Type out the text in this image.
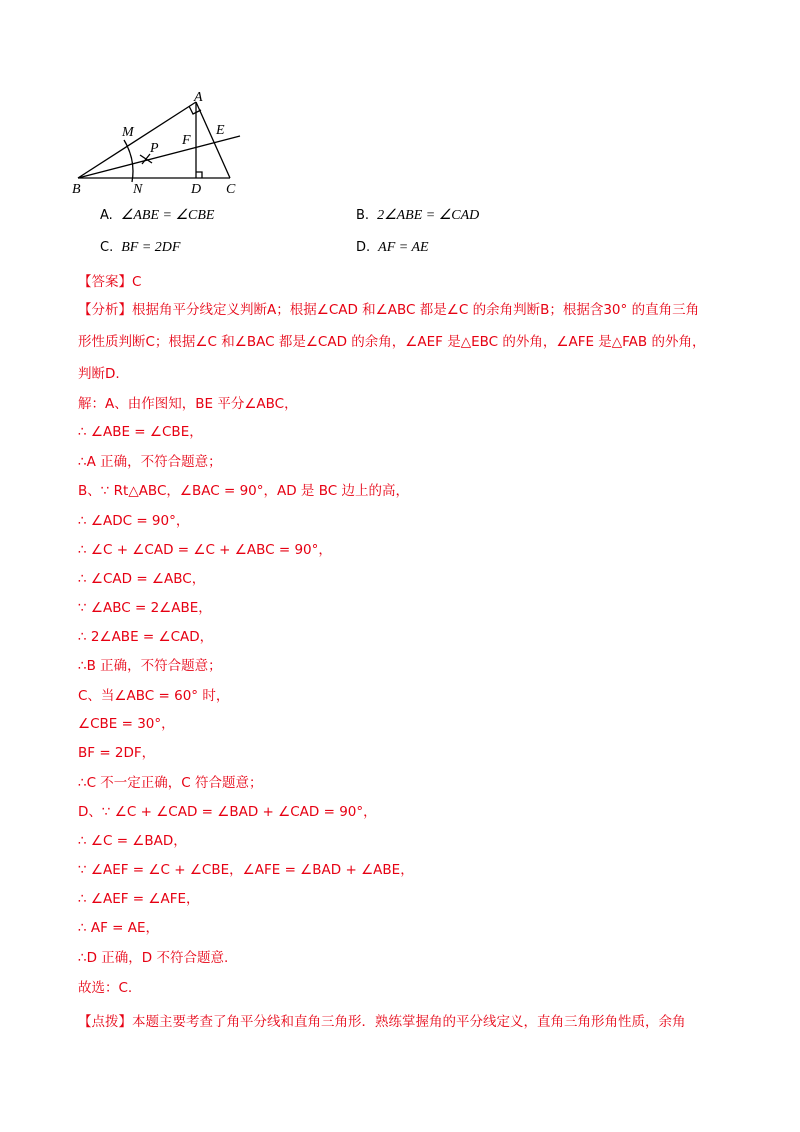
A
M	E
P
F
B	N	D C
A. ∠ABE = ∠CBE	B. 2∠ABE = ∠CAD
C. BF = 2DF	D. AF = AE
【答案】C
【分析】根据角平分线定义判断A；根据∠CAD 和∠ABC 都是∠C 的余角判断B；根据含30° 的直角三角
形性质判断C；根据∠C 和∠BAC 都是∠CAD 的余角，∠AEF 是△EBC 的外角，∠AFE 是△FAB 的外角，
判断D.
解：A、由作图知，BE 平分∠ABC，
∴ ∠ABE = ∠CBE，
∴A 正确，不符合题意；
B、∵ Rt△ABC，∠BAC = 90°，AD 是 BC 边上的高，
∴ ∠ADC = 90°，
∴ ∠C + ∠CAD = ∠C + ∠ABC = 90°，
∴ ∠CAD = ∠ABC，
∵ ∠ABC = 2∠ABE，
∴ 2∠ABE = ∠CAD，
∴B 正确，不符合题意；
C、当∠ABC = 60° 时，
∠CBE = 30°，
BF = 2DF，
∴C 不一定正确，C 符合题意；
D、∵ ∠C + ∠CAD = ∠BAD + ∠CAD = 90°，
∴ ∠C = ∠BAD，
∵ ∠AEF = ∠C + ∠CBE，∠AFE = ∠BAD + ∠ABE，
∴ ∠AEF = ∠AFE，
∴ AF = AE，
∴D 正确，D 不符合题意.
故选：C.
【点拨】本题主要考查了角平分线和直角三角形．熟练掌握角的平分线定义，直角三角形角性质，余角
